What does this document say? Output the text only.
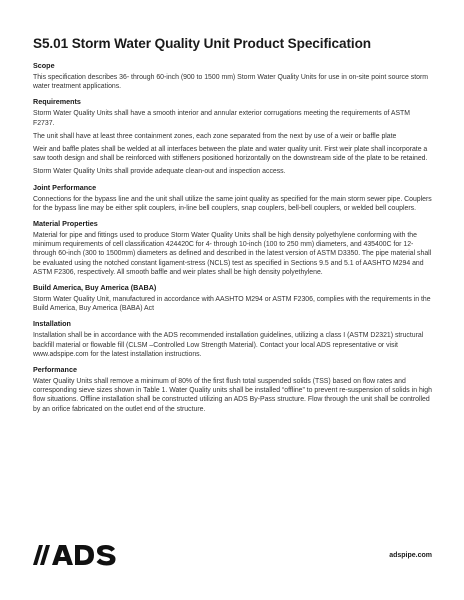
S5.01 Storm Water Quality Unit Product Specification
Scope

This specification describes 36- through 60-inch (900 to 1500 mm) Storm Water Quality Units for use in on-site point source storm water treatment applications.

Requirements

Storm Water Quality Units shall have a smooth interior and annular exterior corrugations meeting the requirements of ASTM F2737.

The unit shall have at least three containment zones, each zone separated from the next by use of a weir or baffle plate

Weir and baffle plates shall be welded at all interfaces between the plate and water quality unit. First weir plate shall incorporate a saw tooth design and shall be reinforced with stiffeners positioned horizontally on the downstream side of the plate to be retained.

Storm Water Quality Units shall provide adequate clean-out and inspection access.

Joint Performance

Connections for the bypass line and the unit shall utilize the same joint quality as specified for the main storm sewer pipe. Couplers for the bypass line may be either split couplers, in-line bell couplers, snap couplers, bell-bell couplers, or welded bell couplers.

Material Properties

Material for pipe and fittings used to produce Storm Water Quality Units shall be high density polyethylene conforming with the minimum requirements of cell classification 424420C for 4- through 10-inch (100 to 250 mm) diameters, and 435400C for 12- through 60-inch (300 to 1500mm) diameters as defined and described in the latest version of ASTM D3350. The pipe material shall be evaluated using the notched constant ligament-stress (NCLS) test as specified in Sections 9.5 and 5.1 of AASHTO M294 and ASTM F2306, respectively. All smooth baffle and weir plates shall be high density polyethylene.

Build America, Buy America (BABA)

Storm Water Quality Unit, manufactured in accordance with AASHTO M294 or ASTM F2306, complies with the requirements in the Build America, Buy America (BABA) Act

Installation

Installation shall be in accordance with the ADS recommended installation guidelines, utilizing a class I (ASTM D2321) structural backfill material or flowable fill (CLSM –Controlled Low Strength Material). Contact your local ADS representative or visit www.adspipe.com for the latest installation instructions.

Performance

Water Quality Units shall remove a minimum of 80% of the first flush total suspended solids (TSS) based on flow rates and corresponding sieve sizes shown in Table 1. Water Quality units shall be installed “offline” to prevent re-suspension of solids in high flow situations. Offline installation shall be constructed utilizing an ADS By-Pass structure. Flow through the unit shall be controlled by an orifice fabricated on the outlet end of the structure.

adspipe.com
